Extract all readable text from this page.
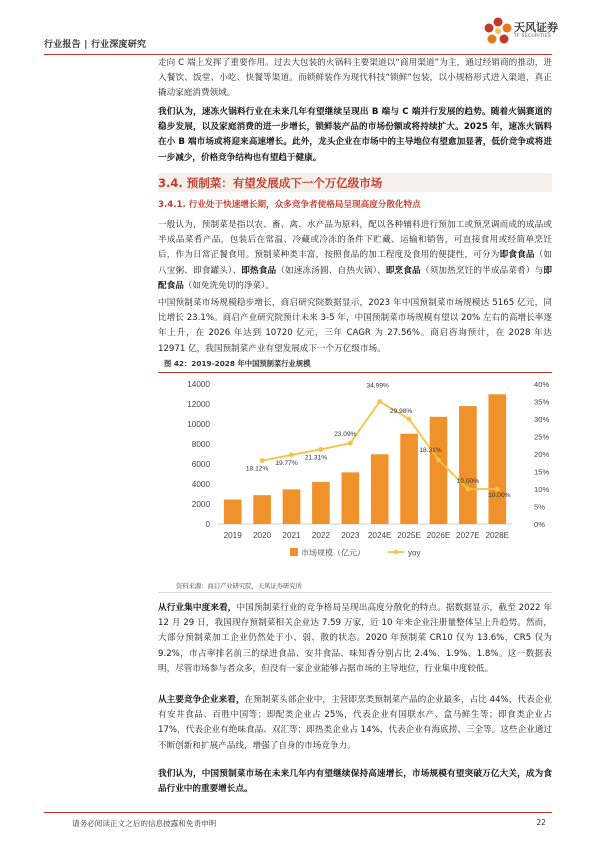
行业报告 | 行业深度研究
天风证券
TF SECURITIES
走向 C 端上发挥了重要作用。过去大包装的火锅料主要渠道以“商用渠道”为主，通过经销商的推动，进入餐饮、饭堂、小吃、快餐等渠道。而锁鲜装作为现代科技“锁鲜”包装，以小规格形式进入渠道，真正撬动家庭消费领域。
我们认为，速冻火锅料行业在未来几年有望继续呈现出 B 端与 C 端并行发展的趋势。随着火锅赛道的稳步发展，以及家庭消费的进一步增长，锁鲜装产品的市场份额或将持续扩大。2025 年，速冻火锅料在小 B 端市场或将迎来高速增长。此外，龙头企业在市场中的主导地位有望愈加显著，低价竞争或将进一步减少，价格竞争结构也有望趋于健康。
3.4. 预制菜：有望发展成下一个万亿级市场
3.4.1. 行业处于快速增长期，众多竞争者使格局呈现高度分散化特点
一般认为，预制菜是指以农、畜、禽、水产品为原料，配以各种辅料进行预加工或预烹调而成的成品或半成品菜肴产品，包装后在常温、冷藏或冷冻的条件下贮藏、运输和销售，可直接食用或经简单烹饪后，作为日常正餐食用。预制菜种类丰富，按照食品的加工程度及食用的便捷性，可分为即食食品（如八宝粥、即食罐头）、即热食品（如速冻汤圆、自热火锅）、即烹食品（须加热烹饪的半成品菜肴）与即配食品（如免洗免切的净菜）。
中国预制菜市场规模稳步增长，商启研究院数据显示，2023 年中国预制菜市场规模达 5165 亿元，同比增长 23.1%。商启产业研究院预计未来 3-5 年，中国预制菜市场规模有望以 20% 左右的高增长率逐年上升，在 2026 年达到 10720 亿元，三年 CAGR 为 27.56%。商启咨询预计，在 2028 年达 12971 亿，我国预制菜产业有望发展成下一个万亿级市场。
图 42：2019-2028 年中国预制菜行业规模
0
2000
4000
6000
8000
10000
12000
14000
0%
5%
10%
15%
20%
25%
30%
35%
40%
2019 2020 2021 2022 2023 2024E 2025E 2026E 2027E 2028E
18.12%
19.77%
21.31%
23.09%
34.99%
29.98%
18.31%
10.00%
10.00%
市场规模（亿元）	yoy
资料来源：商启产业研究院，天风证券研究所
从行业集中度来看，中国预制菜行业的竞争格局呈现出高度分散化的特点。据数据显示，截至 2022 年 12 月 29 日，我国现存预制菜相关企业达 7.59 万家，近 10 年来企业注册量整体呈上升趋势。然而，大部分预制菜加工企业仍然处于小、弱、散的状态。2020 年预制菜 CR10 仅为 13.6%，CR5 仅为 9.2%，市占率排名前三的绿进食品、安井食品、味知香分别占比 2.4%、1.9%、1.8%。这一数据表明，尽管市场参与者众多，但没有一家企业能够占据市场的主导地位，行业集中度较低。
从主要竞争企业来看，在预制菜头部企业中，主营即烹类预制菜产品的企业最多，占比 44%，代表企业有安井食品、百胜中国等；即配类企业占 25%，代表企业有国联水产、盒马鲜生等；即食类企业占 17%，代表企业有绝味食品、双汇等；即热类企业占 14%，代表企业有海底捞、三全等。这些企业通过不断创新和扩展产品线，增强了自身的市场竞争力。
我们认为，中国预制菜市场在未来几年内有望继续保持高速增长，市场规模有望突破万亿大关，成为食品行业中的重要增长点。
请务必阅读正文之后的信息披露和免责申明	22
